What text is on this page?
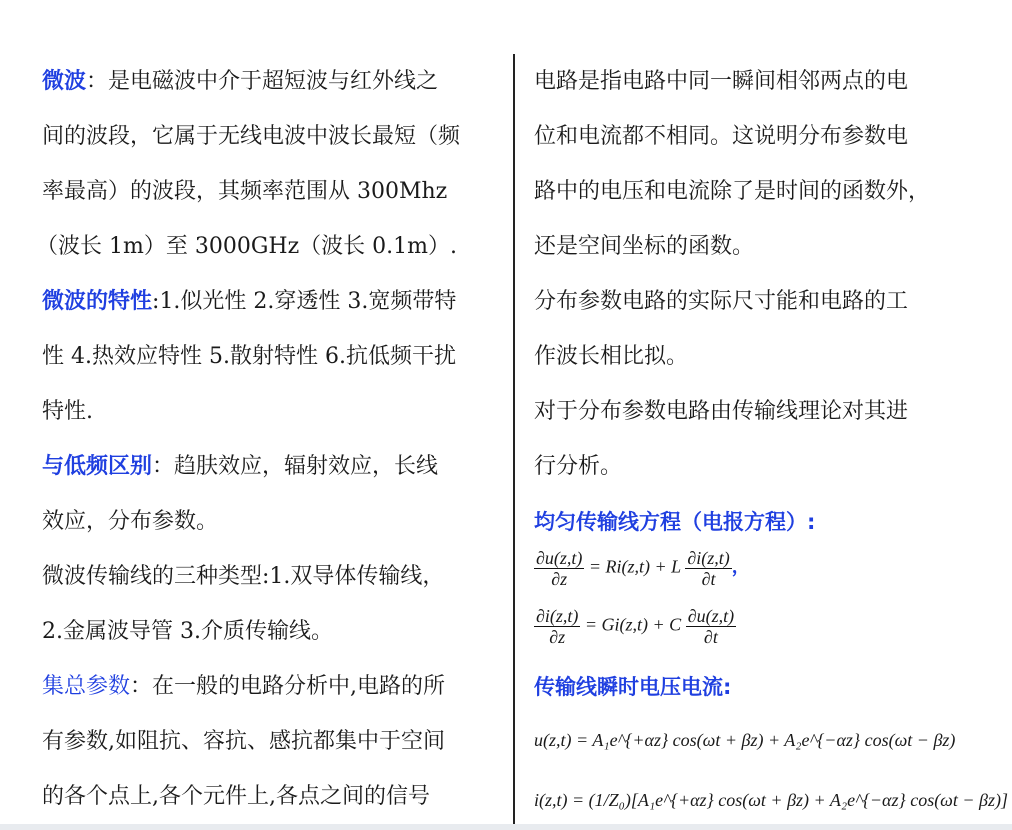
微波：是电磁波中介于超短波与红外线之
间的波段，它属于无线电波中波长最短（频
率最高）的波段，其频率范围从 300Mhz
（波长 1m）至 3000GHz（波长 0.1m）.
微波的特性:1.似光性 2.穿透性 3.宽频带特
性 4.热效应特性 5.散射特性 6.抗低频干扰
特性.
与低频区别：趋肤效应，辐射效应，长线
效应，分布参数。
微波传输线的三种类型:1.双导体传输线，
2.金属波导管 3.介质传输线。
集总参数：在一般的电路分析中,电路的所
有参数,如阻抗、容抗、感抗都集中于空间
的各个点上,各个元件上,各点之间的信号
电路是指电路中同一瞬间相邻两点的电
位和电流都不相同。这说明分布参数电
路中的电压和电流除了是时间的函数外，
还是空间坐标的函数。
分布参数电路的实际尺寸能和电路的工
作波长相比拟。
对于分布参数电路由传输线理论对其进
行分析。
均匀传输线方程（电报方程）:
$\frac{\partial u(z,t)}{\partial z} = Ri(z,t) + L \frac{\partial i(z,t)}{\partial t}$ ，
$\frac{\partial i(z,t)}{\partial z} = Gi(z,t) + C \frac{\partial u(z,t)}{\partial t}$
传输线瞬时电压电流:
u(z,t) = A₁e^{+αz} cos(ωt + βz) + A₂e^{−αz} cos(ωt − βz)
i(z,t) = (1/Z₀)[A₁e^{+αz} cos(ωt + βz) + A₂e^{−αz} cos(ωt − βz)]
